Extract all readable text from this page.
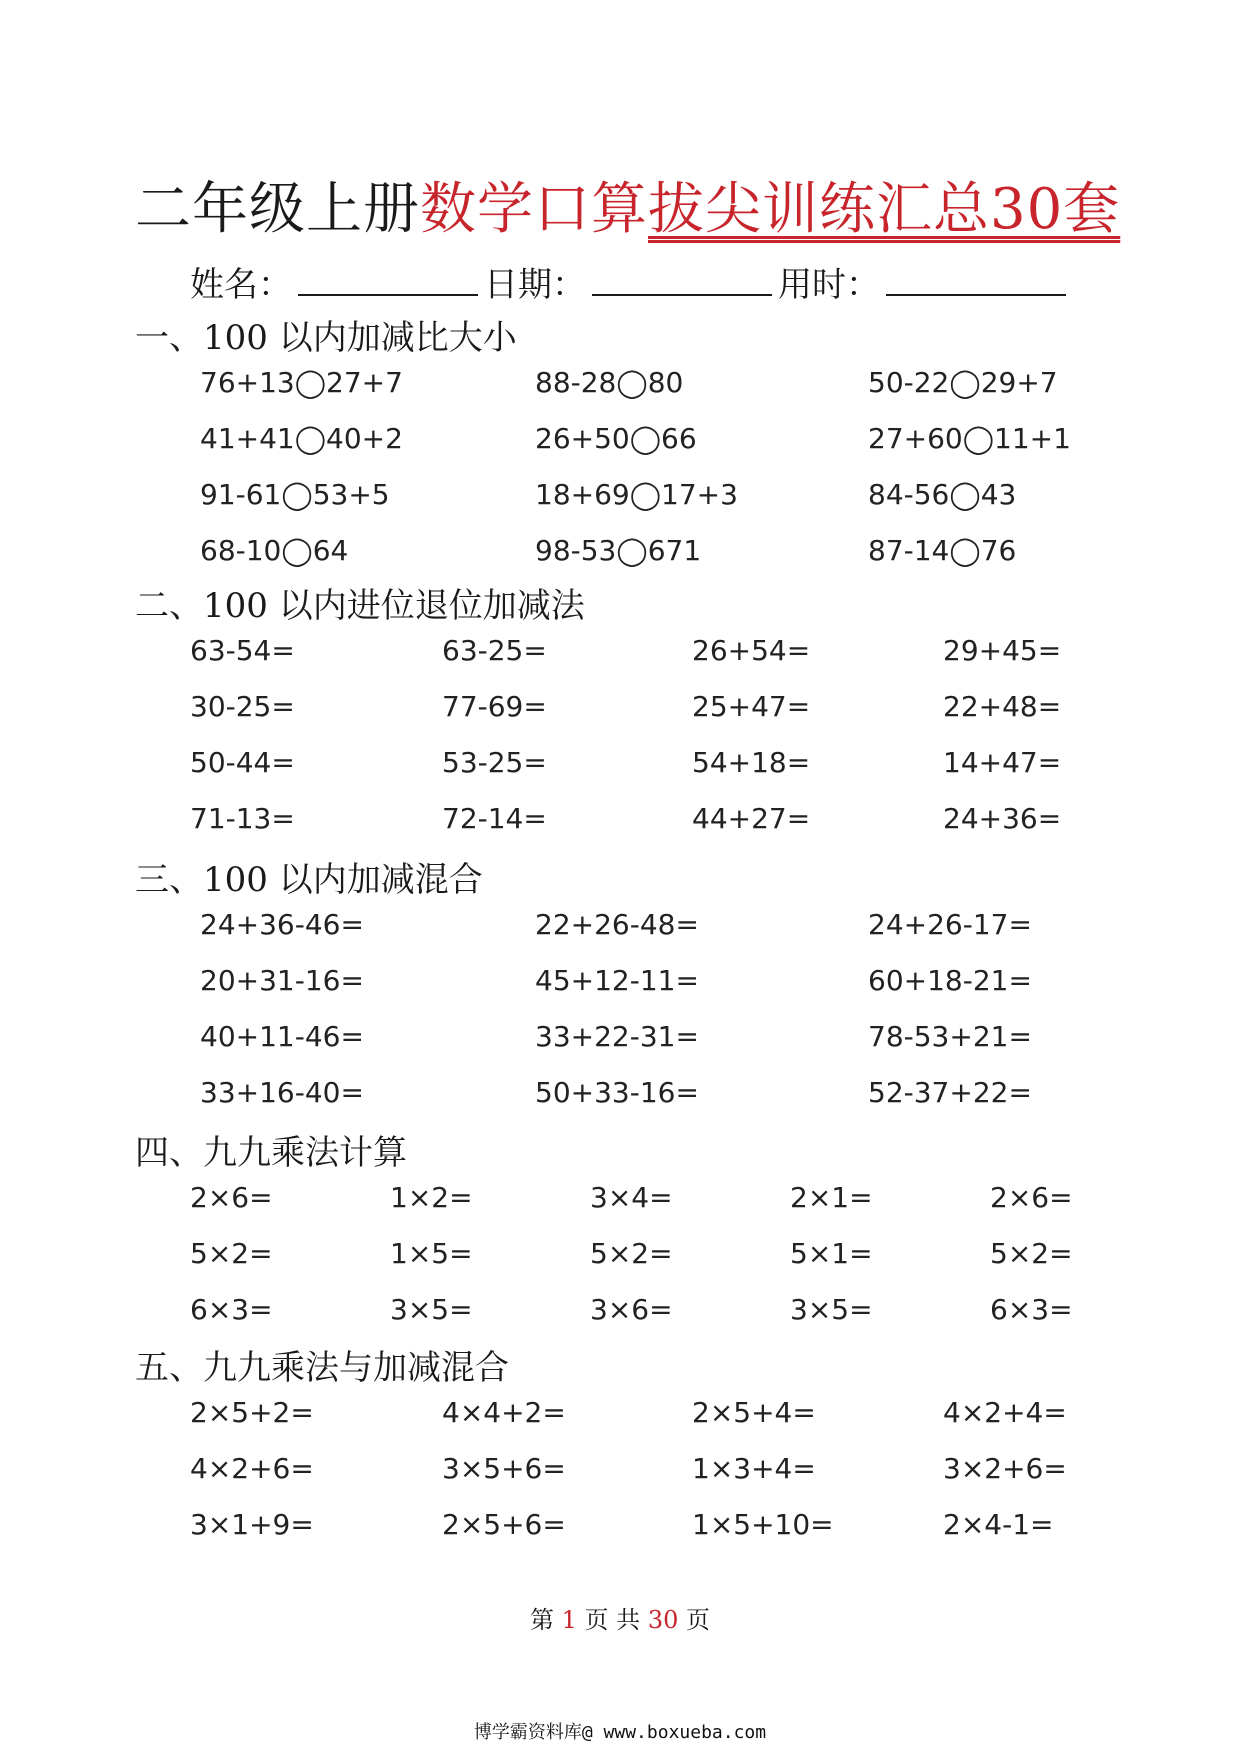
二年级上册数学口算拔尖训练汇总30套
姓名：	日期：	用时：
一、100 以内加减比大小
76+13◯27+7	88-28◯80	50-22◯29+7
41+41◯40+2	26+50◯66	27+60◯11+1
91-61◯53+5	18+69◯17+3	84-56◯43
68-10◯64	98-53◯671	87-14◯76
二、100 以内进位退位加减法
63-54=	63-25=	26+54=	29+45=
30-25=	77-69=	25+47=	22+48=
50-44=	53-25=	54+18=	14+47=
71-13=	72-14=	44+27=	24+36=
三、100 以内加减混合
24+36-46=	22+26-48=	24+26-17=
20+31-16=	45+12-11=	60+18-21=
40+11-46=	33+22-31=	78-53+21=
33+16-40=	50+33-16=	52-37+22=
四、九九乘法计算
2×6=	1×2=	3×4=	2×1=	2×6=
5×2=	1×5=	5×2=	5×1=	5×2=
6×3=	3×5=	3×6=	3×5=	6×3=
五、九九乘法与加减混合
2×5+2=	4×4+2=	2×5+4=	4×2+4=
4×2+6=	3×5+6=	1×3+4=	3×2+6=
3×1+9=	2×5+6=	1×5+10=	2×4-1=
第 1 页 共 30 页
博学霸资料库@ www.boxueba.com
